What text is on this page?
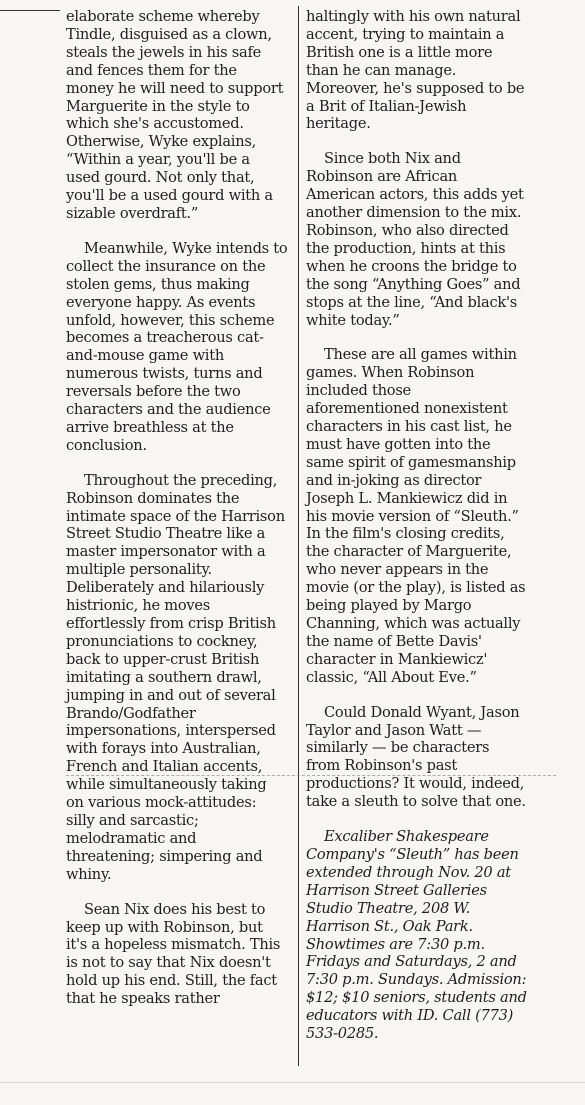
elaborate scheme whereby
Tindle, disguised as a clown,
steals the jewels in his safe
and fences them for the
money he will need to support
Marguerite in the style to
which she's accustomed.
Otherwise, Wyke explains,
“Within a year, you'll be a
used gourd. Not only that,
you'll be a used gourd with a
sizable overdraft.”

Meanwhile, Wyke intends to
collect the insurance on the
stolen gems, thus making
everyone happy. As events
unfold, however, this scheme
becomes a treacherous cat-
and-mouse game with
numerous twists, turns and
reversals before the two
characters and the audience
arrive breathless at the
conclusion.

Throughout the preceding,
Robinson dominates the
intimate space of the Harrison
Street Studio Theatre like a
master impersonator with a
multiple personality.
Deliberately and hilariously
histrionic, he moves
effortlessly from crisp British
pronunciations to cockney,
back to upper-crust British
imitating a southern drawl,
jumping in and out of several
Brando/Godfather
impersonations, interspersed
with forays into Australian,
French and Italian accents,
while simultaneously taking
on various mock-attitudes:
silly and sarcastic;
melodramatic and
threatening; simpering and
whiny.

Sean Nix does his best to
keep up with Robinson, but
it's a hopeless mismatch. This
is not to say that Nix doesn't
hold up his end. Still, the fact
that he speaks rather

haltingly with his own natural
accent, trying to maintain a
British one is a little more
than he can manage.
Moreover, he's supposed to be
a Brit of Italian-Jewish
heritage.

Since both Nix and
Robinson are African
American actors, this adds yet
another dimension to the mix.
Robinson, who also directed
the production, hints at this
when he croons the bridge to
the song “Anything Goes” and
stops at the line, “And black's
white today.”

These are all games within
games. When Robinson
included those
aforementioned nonexistent
characters in his cast list, he
must have gotten into the
same spirit of gamesmanship
and in-joking as director
Joseph L. Mankiewicz did in
his movie version of “Sleuth.”
In the film's closing credits,
the character of Marguerite,
who never appears in the
movie (or the play), is listed as
being played by Margo
Channing, which was actually
the name of Bette Davis'
character in Mankiewicz'
classic, “All About Eve.”

Could Donald Wyant, Jason
Taylor and Jason Watt —
similarly — be characters
from Robinson's past
productions? It would, indeed,
take a sleuth to solve that one.

Excaliber Shakespeare
Company's “Sleuth” has been
extended through Nov. 20 at
Harrison Street Galleries
Studio Theatre, 208 W.
Harrison St., Oak Park.
Showtimes are 7:30 p.m.
Fridays and Saturdays, 2 and
7:30 p.m. Sundays. Admission:
$12; $10 seniors, students and
educators with ID. Call (773)
533-0285.
